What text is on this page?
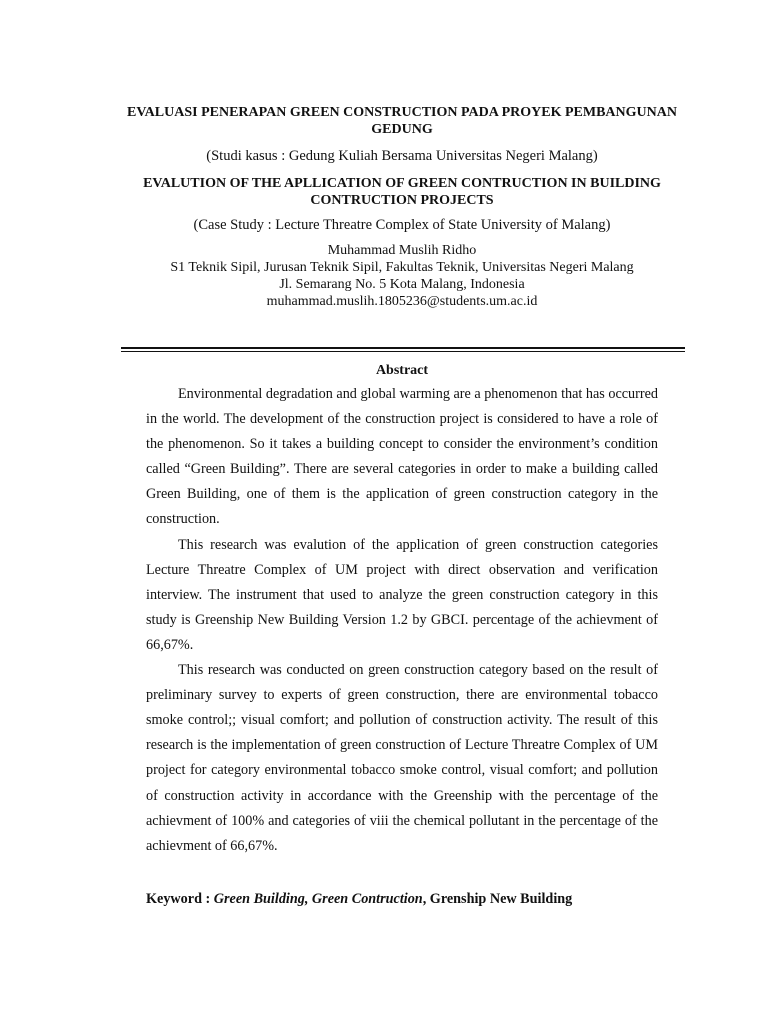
EVALUASI PENERAPAN GREEN CONSTRUCTION PADA PROYEK PEMBANGUNAN GEDUNG
(Studi kasus : Gedung Kuliah Bersama Universitas Negeri Malang)
EVALUTION OF THE APLLICATION OF GREEN CONTRUCTION IN BUILDING CONTRUCTION PROJECTS
(Case Study : Lecture Threatre Complex of State University of Malang)
Muhammad Muslih Ridho
S1 Teknik Sipil, Jurusan Teknik Sipil, Fakultas Teknik, Universitas Negeri Malang
Jl. Semarang No. 5 Kota Malang, Indonesia
muhammad.muslih.1805236@students.um.ac.id
Abstract

Environmental degradation and global warming are a phenomenon that has occurred in the world. The development of the construction project is considered to have a role of the phenomenon. So it takes a building concept to consider the environment’s condition called “Green Building”. There are several categories in order to make a building called Green Building, one of them is the application of green construction category in the construction.

This research was evalution of the application of green construction categories Lecture Threatre Complex of UM project with direct observation and verification interview. The instrument that used to analyze the green construction category in this study is Greenship New Building Version 1.2 by GBCI. percentage of the achievment of 66,67%.

This research was conducted on green construction category based on the result of preliminary survey to experts of green construction, there are environmental tobacco smoke control;; visual comfort; and pollution of construction activity. The result of this research is the implementation of green construction of Lecture Threatre Complex of UM project for category environmental tobacco smoke control, visual comfort; and pollution of construction activity in accordance with the Greenship with the percentage of the achievment of 100% and categories of viii the chemical pollutant in the percentage of the achievment of 66,67%.

Keyword : Green Building, Green Contruction, Grenship New Building
